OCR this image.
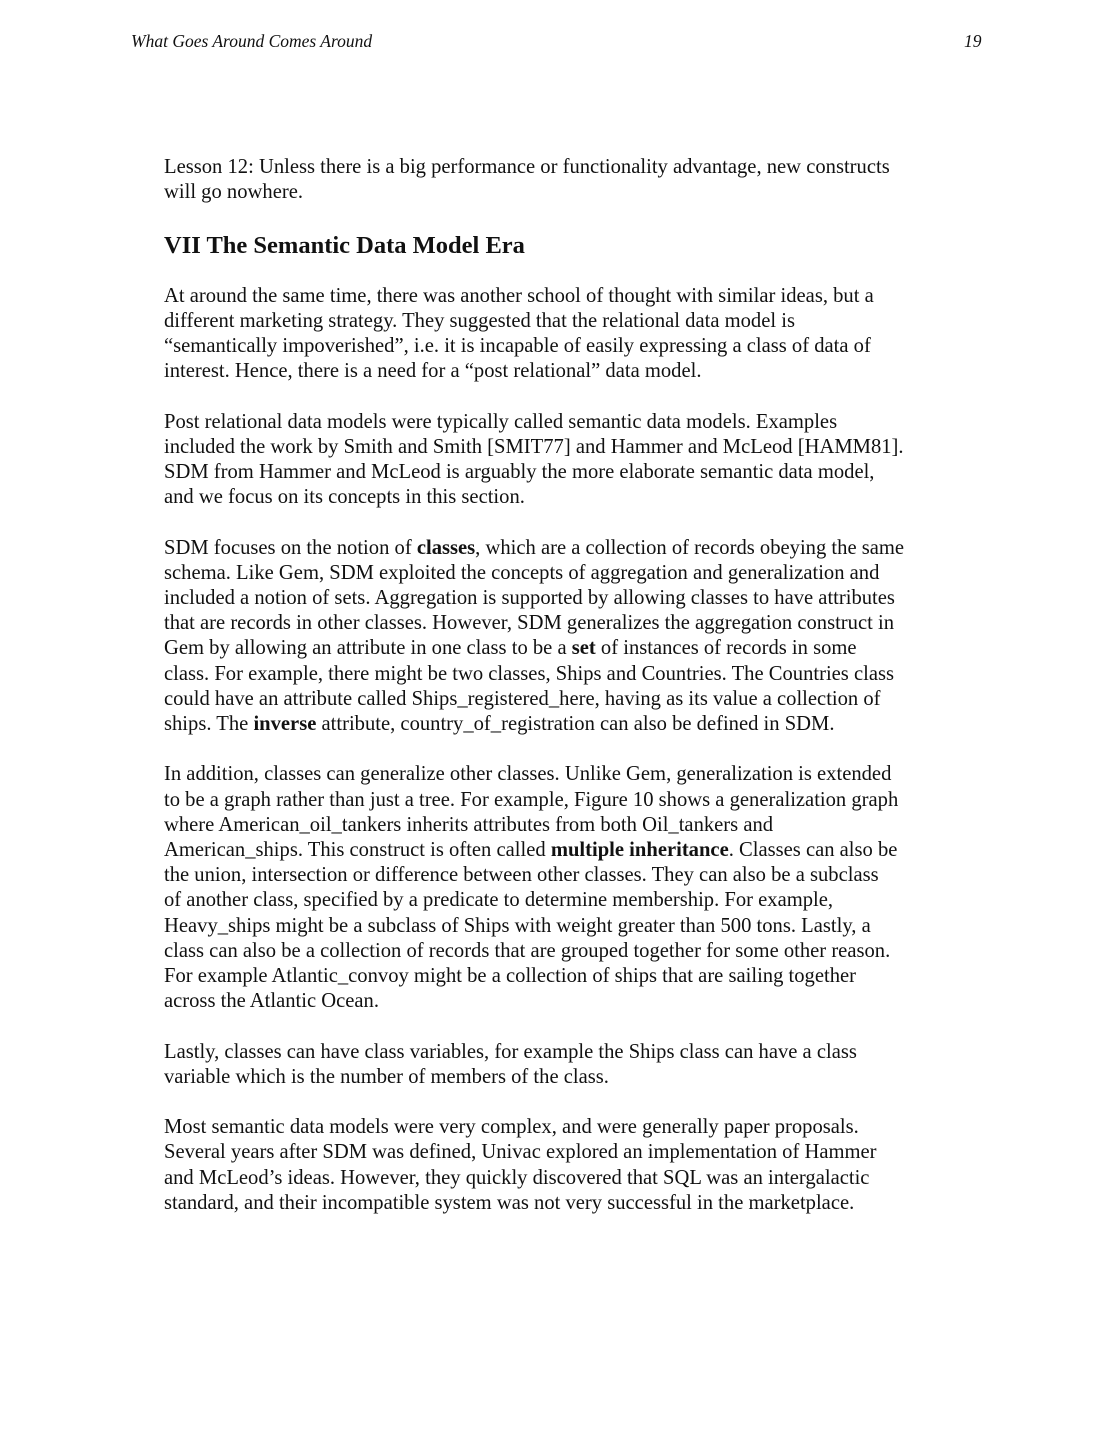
What Goes Around Comes Around	19

Lesson 12: Unless there is a big performance or functionality advantage, new constructs
will go nowhere.

VII The Semantic Data Model Era

At around the same time, there was another school of thought with similar ideas, but a
different marketing strategy. They suggested that the relational data model is
“semantically impoverished”, i.e. it is incapable of easily expressing a class of data of
interest. Hence, there is a need for a “post relational” data model.

Post relational data models were typically called semantic data models. Examples
included the work by Smith and Smith [SMIT77] and Hammer and McLeod [HAMM81].
SDM from Hammer and McLeod is arguably the more elaborate semantic data model,
and we focus on its concepts in this section.

SDM focuses on the notion of classes, which are a collection of records obeying the same
schema. Like Gem, SDM exploited the concepts of aggregation and generalization and
included a notion of sets. Aggregation is supported by allowing classes to have attributes
that are records in other classes. However, SDM generalizes the aggregation construct in
Gem by allowing an attribute in one class to be a set of instances of records in some
class. For example, there might be two classes, Ships and Countries. The Countries class
could have an attribute called Ships_registered_here, having as its value a collection of
ships. The inverse attribute, country_of_registration can also be defined in SDM.

In addition, classes can generalize other classes. Unlike Gem, generalization is extended
to be a graph rather than just a tree. For example, Figure 10 shows a generalization graph
where American_oil_tankers inherits attributes from both Oil_tankers and
American_ships. This construct is often called multiple inheritance. Classes can also be
the union, intersection or difference between other classes. They can also be a subclass
of another class, specified by a predicate to determine membership. For example,
Heavy_ships might be a subclass of Ships with weight greater than 500 tons. Lastly, a
class can also be a collection of records that are grouped together for some other reason.
For example Atlantic_convoy might be a collection of ships that are sailing together
across the Atlantic Ocean.

Lastly, classes can have class variables, for example the Ships class can have a class
variable which is the number of members of the class.

Most semantic data models were very complex, and were generally paper proposals.
Several years after SDM was defined, Univac explored an implementation of Hammer
and McLeod’s ideas. However, they quickly discovered that SQL was an intergalactic
standard, and their incompatible system was not very successful in the marketplace.
